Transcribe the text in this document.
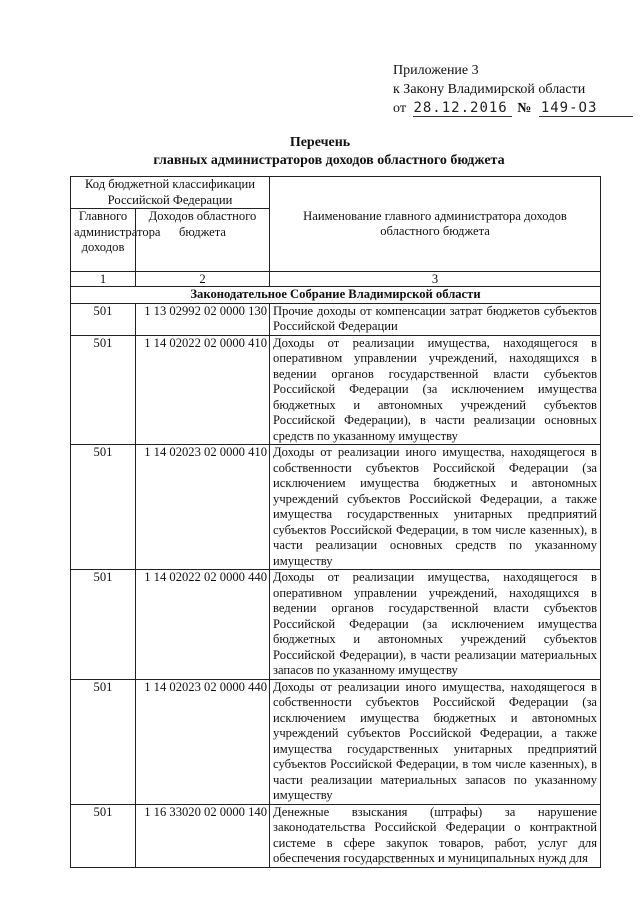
Приложение 3
к Закону Владимирской области
от 28.12.2016 № 149-ОЗ
Перечень
главных администраторов доходов областного бюджета
Код бюджетной классификации Российской Федерации		Наименование главного администратора доходов областного бюджета
Главного администратора доходов	Доходов областного бюджета	
1	2	3
Законодательное Собрание Владимирской области		
501	1 13 02992 02 0000 130	Прочие доходы от компенсации затрат бюджетов субъектов Российской Федерации
501	1 14 02022 02 0000 410	Доходы от реализации имущества, находящегося в оперативном управлении учреждений, находящихся в ведении органов государственной власти субъектов Российской Федерации (за исключением имущества бюджетных и автономных учреждений субъектов Российской Федерации), в части реализации основных средств по указанному имуществу
501	1 14 02023 02 0000 410	Доходы от реализации иного имущества, находящегося в собственности субъектов Российской Федерации (за исключением имущества бюджетных и автономных учреждений субъектов Российской Федерации, а также имущества государственных унитарных предприятий субъектов Российской Федерации, в том числе казенных), в части реализации основных средств по указанному имуществу
501	1 14 02022 02 0000 440	Доходы от реализации имущества, находящегося в оперативном управлении учреждений, находящихся в ведении органов государственной власти субъектов Российской Федерации (за исключением имущества бюджетных и автономных учреждений субъектов Российской Федерации), в части реализации материальных запасов по указанному имуществу
501	1 14 02023 02 0000 440	Доходы от реализации иного имущества, находящегося в собственности субъектов Российской Федерации (за исключением имущества бюджетных и автономных учреждений субъектов Российской Федерации, а также имущества государственных унитарных предприятий субъектов Российской Федерации, в том числе казенных), в части реализации материальных запасов по указанному имуществу
501	1 16 33020 02 0000 140	Денежные взыскания (штрафы) за нарушение законодательства Российской Федерации о контрактной системе в сфере закупок товаров, работ, услуг для обеспечения государственных и муниципальных нужд для
